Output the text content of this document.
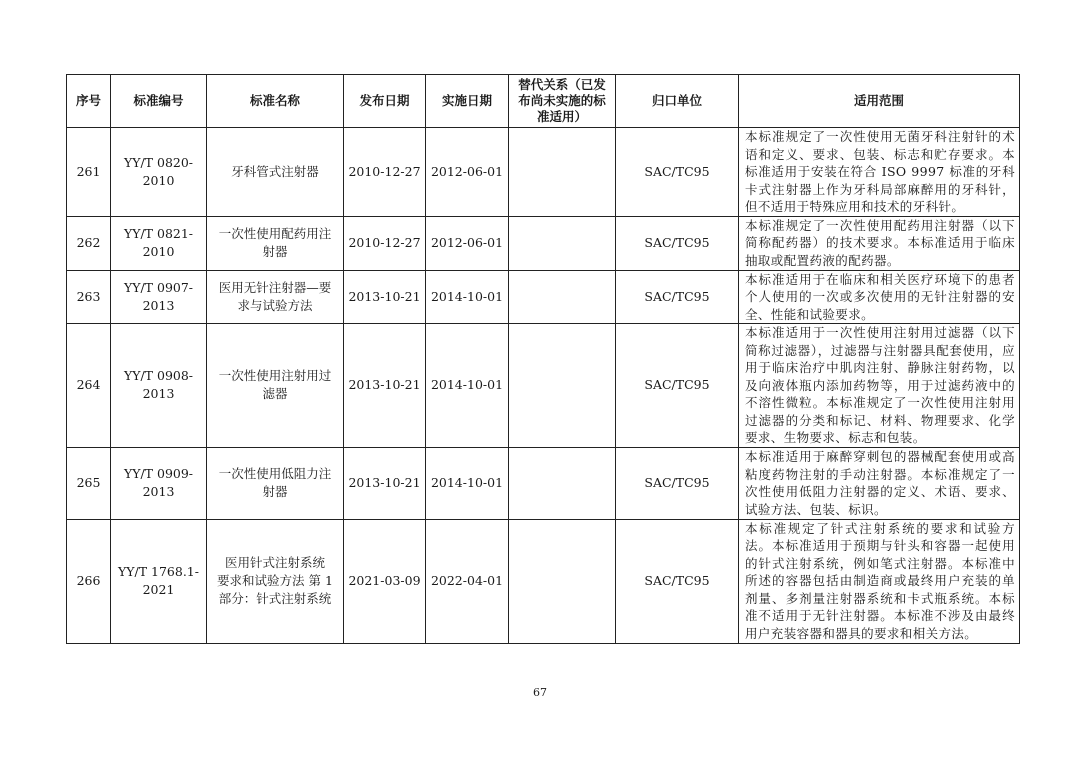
序号	标准编号	标准名称	发布日期	实施日期	替代关系（已发布尚未实施的标准适用）	归口单位	适用范围
261	YY/T 0820-2010	牙科管式注射器	2010-12-27	2012-06-01		SAC/TC95	本标准规定了一次性使用无菌牙科注射针的术语和定义、要求、包装、标志和贮存要求。本标准适用于安装在符合 ISO 9997 标准的牙科卡式注射器上作为牙科局部麻醉用的牙科针，但不适用于特殊应用和技术的牙科针。
262	YY/T 0821-2010	一次性使用配药用注射器	2010-12-27	2012-06-01		SAC/TC95	本标准规定了一次性使用配药用注射器（以下简称配药器）的技术要求。本标准适用于临床抽取或配置药液的配药器。
263	YY/T 0907-2013	医用无针注射器—要求与试验方法	2013-10-21	2014-10-01		SAC/TC95	本标准适用于在临床和相关医疗环境下的患者个人使用的一次或多次使用的无针注射器的安全、性能和试验要求。
264	YY/T 0908-2013	一次性使用注射用过滤器	2013-10-21	2014-10-01		SAC/TC95	本标准适用于一次性使用注射用过滤器（以下简称过滤器），过滤器与注射器具配套使用，应用于临床治疗中肌肉注射、静脉注射药物，以及向液体瓶内添加药物等，用于过滤药液中的不溶性微粒。本标准规定了一次性使用注射用过滤器的分类和标记、材料、物理要求、化学要求、生物要求、标志和包装。
265	YY/T 0909-2013	一次性使用低阻力注射器	2013-10-21	2014-10-01		SAC/TC95	本标准适用于麻醉穿刺包的器械配套使用或高粘度药物注射的手动注射器。本标准规定了一次性使用低阻力注射器的定义、术语、要求、试验方法、包装、标识。
266	YY/T 1768.1-2021	医用针式注射系统 要求和试验方法 第 1 部分：针式注射系统	2021-03-09	2022-04-01		SAC/TC95	本标准规定了针式注射系统的要求和试验方法。本标准适用于预期与针头和容器一起使用的针式注射系统，例如笔式注射器。本标准中所述的容器包括由制造商或最终用户充装的单剂量、多剂量注射器系统和卡式瓶系统。本标准不适用于无针注射器。本标准不涉及由最终用户充装容器和器具的要求和相关方法。
67
